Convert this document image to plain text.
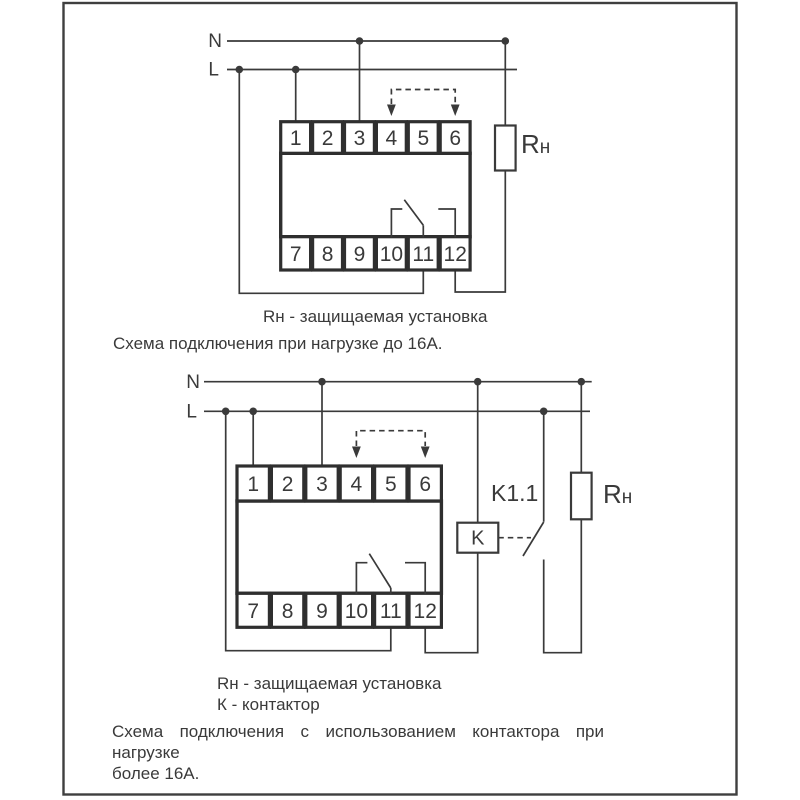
N
L
1 2 3 4 5 6
7 8 9 10 11 12
Rн
N
L
1 2 3 4 5 6
7 8 9 10 11 12
K
K1.1 Rн
Rн - защищаемая установка
Схема подключения при нагрузке до 16А.
Rн - защищаемая установка
К - контактор
Схема подключения с использованием контактора при нагрузке
более 16А.
